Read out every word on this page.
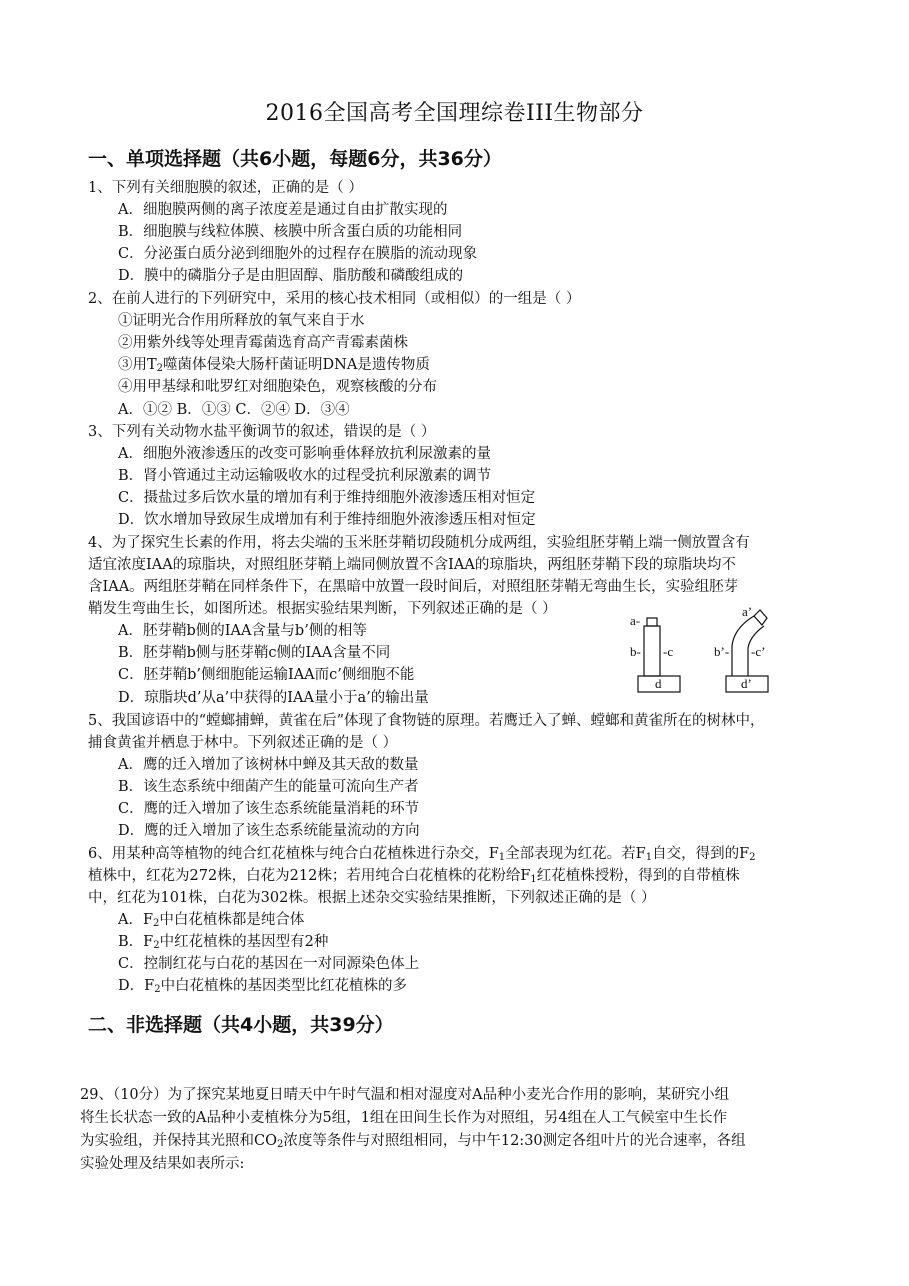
2016全国高考全国理综卷III生物部分
一、单项选择题（共6小题，每题6分，共36分）
1、下列有关细胞膜的叙述，正确的是（ ）
A．细胞膜两侧的离子浓度差是通过自由扩散实现的
B．细胞膜与线粒体膜、核膜中所含蛋白质的功能相同
C．分泌蛋白质分泌到细胞外的过程存在膜脂的流动现象
D．膜中的磷脂分子是由胆固醇、脂肪酸和磷酸组成的
2、在前人进行的下列研究中，采用的核心技术相同（或相似）的一组是（ ）
①证明光合作用所释放的氧气来自于水
②用紫外线等处理青霉菌选育高产青霉素菌株
③用$T_2$噬菌体侵染大肠杆菌证明DNA是遗传物质
④用甲基绿和吡罗红对细胞染色，观察核酸的分布
A．①② B．①③ C．②④ D．③④
3、下列有关动物水盐平衡调节的叙述，错误的是（ ）
A．细胞外液渗透压的改变可影响垂体释放抗利尿激素的量
B．肾小管通过主动运输吸收水的过程受抗利尿激素的调节
C．摄盐过多后饮水量的增加有利于维持细胞外液渗透压相对恒定
D．饮水增加导致尿生成增加有利于维持细胞外液渗透压相对恒定
4、为了探究生长素的作用，将去尖端的玉米胚芽鞘切段随机分成两组，实验组胚芽鞘上端一侧放置含有
适宜浓度IAA的琼脂块，对照组胚芽鞘上端同侧放置不含IAA的琼脂块，两组胚芽鞘下段的琼脂块均不
含IAA。两组胚芽鞘在同样条件下，在黑暗中放置一段时间后，对照组胚芽鞘无弯曲生长，实验组胚芽
鞘发生弯曲生长，如图所述。根据实验结果判断，下列叙述正确的是（ ）
A．胚芽鞘b侧的IAA含量与b’侧的相等
B．胚芽鞘b侧与胚芽鞘c侧的IAA含量不同
C．胚芽鞘b’侧细胞能运输IAA而c’侧细胞不能
D．琼脂块d’从a’中获得的IAA量小于a’的输出量
a-
b- -c
d
a’
b’- -c’
d’
5、我国谚语中的“螳螂捕蝉，黄雀在后”体现了食物链的原理。若鹰迁入了蝉、螳螂和黄雀所在的树林中，
捕食黄雀并栖息于林中。下列叙述正确的是（ ）
A．鹰的迁入增加了该树林中蝉及其天敌的数量
B．该生态系统中细菌产生的能量可流向生产者
C．鹰的迁入增加了该生态系统能量消耗的环节
D．鹰的迁入增加了该生态系统能量流动的方向
6、用某种高等植物的纯合红花植株与纯合白花植株进行杂交，$F_1$全部表现为红花。若$F_1$自交，得到的$F_2$
植株中，红花为272株，白花为212株；若用纯合白花植株的花粉给$F_1$红花植株授粉，得到的自带植株
中，红花为101株，白花为302株。根据上述杂交实验结果推断，下列叙述正确的是（ ）
A．$F_2$中白花植株都是纯合体
B．$F_2$中红花植株的基因型有2种
C．控制红花与白花的基因在一对同源染色体上
D．$F_2$中白花植株的基因类型比红花植株的多
二、非选择题（共4小题，共39分）
29、（10分）为了探究某地夏日晴天中午时气温和相对湿度对A品种小麦光合作用的影响，某研究小组
将生长状态一致的A品种小麦植株分为5组，1组在田间生长作为对照组，另4组在人工气候室中生长作
为实验组，并保持其光照和$CO_2$浓度等条件与对照组相同，与中午12:30测定各组叶片的光合速率，各组
实验处理及结果如表所示:
